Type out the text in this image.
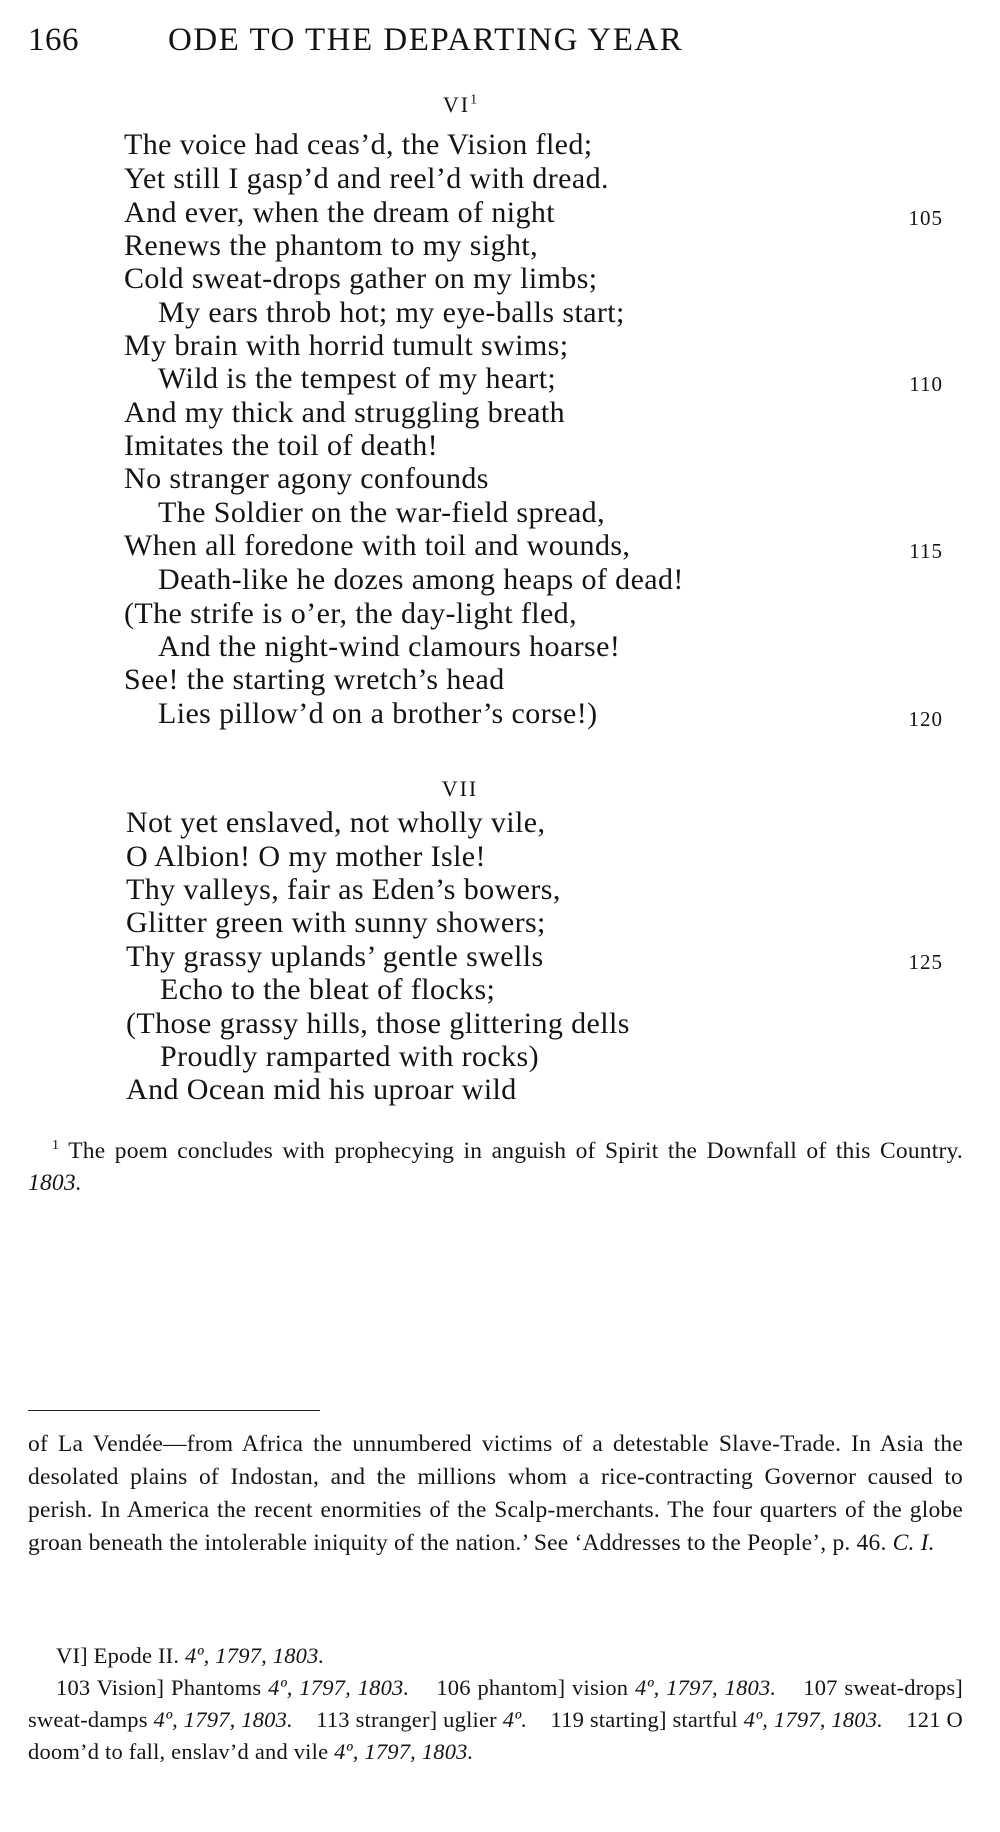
166	ODE TO THE DEPARTING YEAR
$VI^1$
The voice had ceas’d, the Vision fled;
Yet still I gasp’d and reel’d with dread.
And ever, when the dream of night
Renews the phantom to my sight,
Cold sweat-drops gather on my limbs;
My ears throb hot; my eye-balls start;
My brain with horrid tumult swims;
Wild is the tempest of my heart;
And my thick and struggling breath
Imitates the toil of death!
No stranger agony confounds
The Soldier on the war-field spread,
When all foredone with toil and wounds,
Death-like he dozes among heaps of dead!
(The strife is o’er, the day-light fled,
And the night-wind clamours hoarse!
See! the starting wretch’s head
Lies pillow’d on a brother’s corse!)
105
110
115
120
VII
Not yet enslaved, not wholly vile,
O Albion! O my mother Isle!
Thy valleys, fair as Eden’s bowers,
Glitter green with sunny showers;
Thy grassy uplands’ gentle swells
Echo to the bleat of flocks;
(Those grassy hills, those glittering dells
Proudly ramparted with rocks)
And Ocean mid his uproar wild
125
$^1$ The poem concludes with prophecying in anguish of Spirit the Downfall of this Country. 1803.

of La Vendée—from Africa the unnumbered victims of a detestable Slave-Trade. In Asia the desolated plains of Indostan, and the millions whom a rice-contracting Governor caused to perish. In America the recent enormities of the Scalp-merchants. The four quarters of the globe groan beneath the intolerable iniquity of the nation.’ See ‘Addresses to the People’, p. 46. C. I.

VI] Epode II. 4º, 1797, 1803.

103 Vision] Phantoms 4º, 1797, 1803. 106 phantom] vision 4º, 1797, 1803. 107 sweat-drops] sweat-damps 4º, 1797, 1803. 113 stranger] uglier 4º. 119 starting] startful 4º, 1797, 1803. 121 O doom’d to fall, enslav’d and vile 4º, 1797, 1803.
